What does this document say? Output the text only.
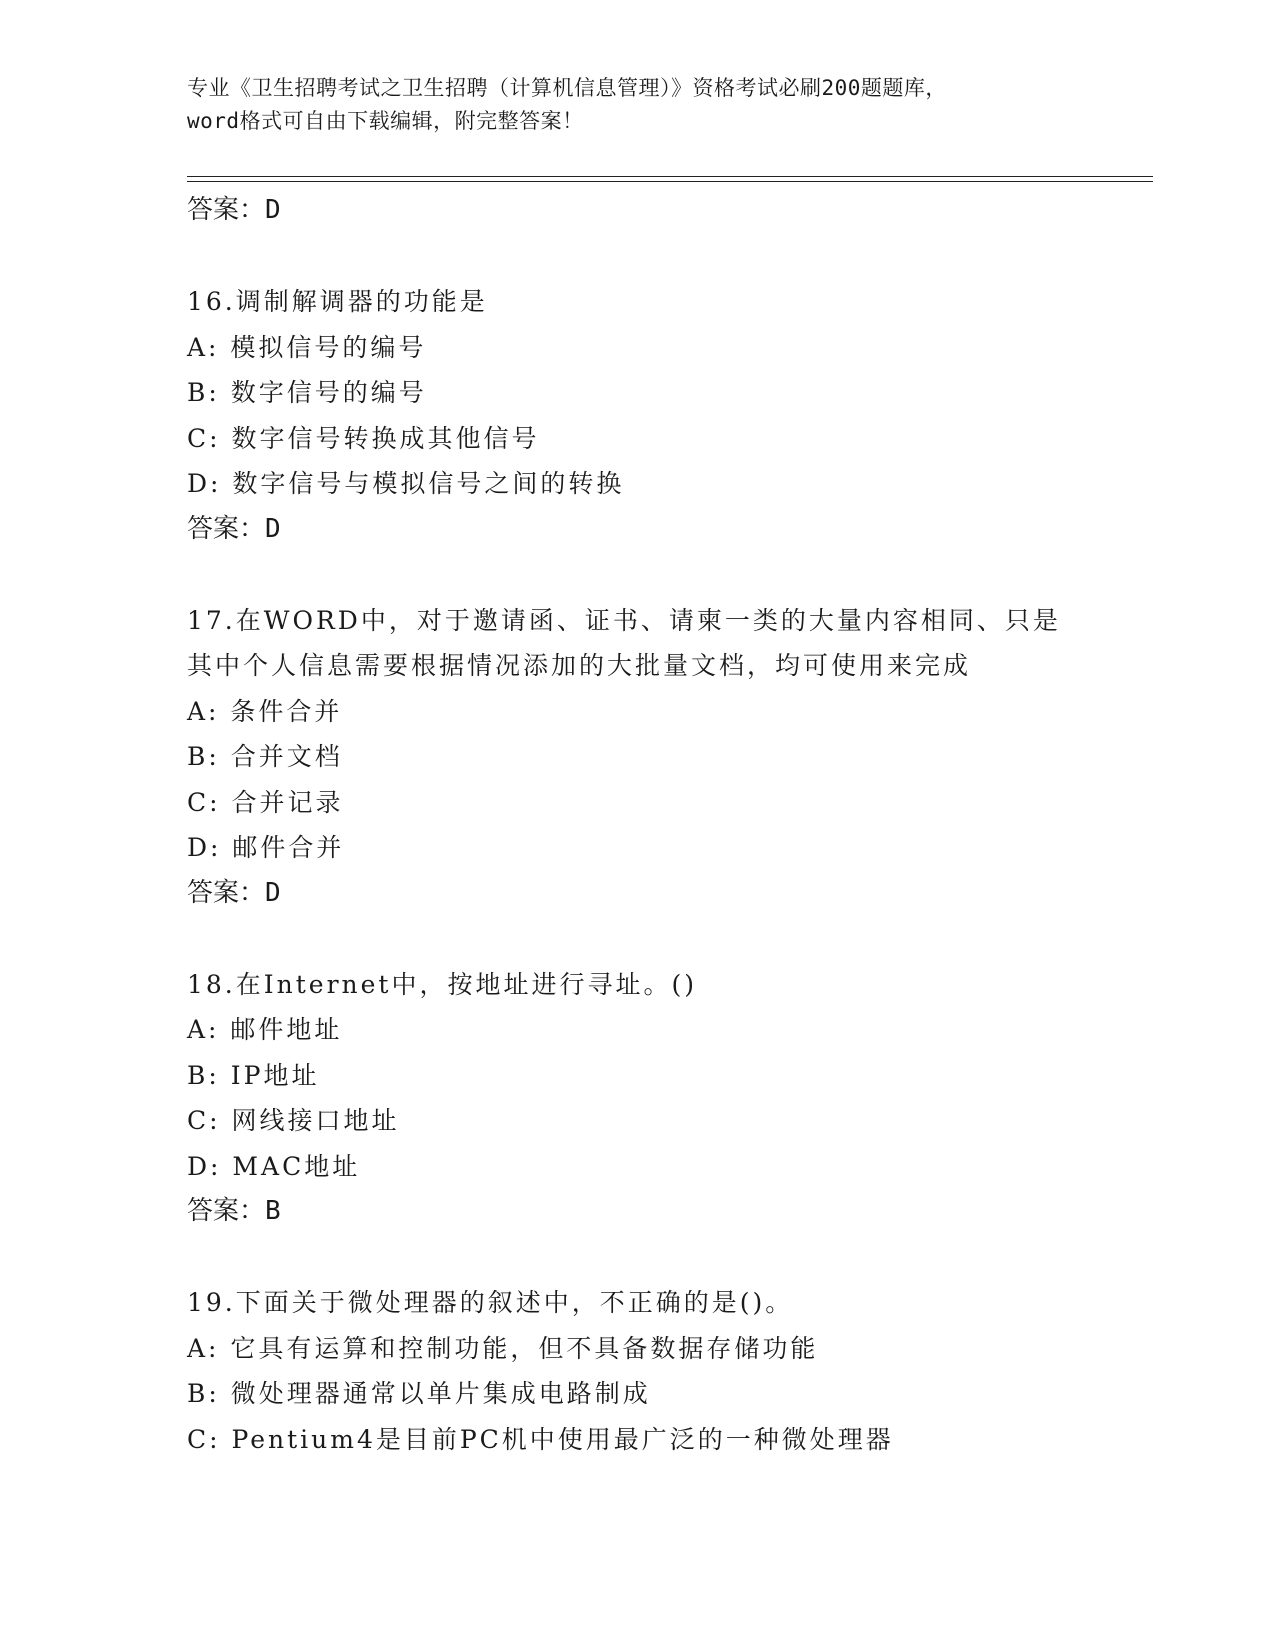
专业《卫生招聘考试之卫生招聘（计算机信息管理）》资格考试必刷200题题库，
word格式可自由下载编辑，附完整答案！
答案：D
16.调制解调器的功能是
A: 模拟信号的编号
B: 数字信号的编号
C: 数字信号转换成其他信号
D: 数字信号与模拟信号之间的转换
答案：D
17.在WORD中，对于邀请函、证书、请柬一类的大量内容相同、只是
其中个人信息需要根据情况添加的大批量文档，均可使用来完成
A: 条件合并
B: 合并文档
C: 合并记录
D: 邮件合并
答案：D
18.在Internet中，按地址进行寻址。()
A: 邮件地址
B: IP地址
C: 网线接口地址
D: MAC地址
答案：B
19.下面关于微处理器的叙述中，不正确的是()。
A: 它具有运算和控制功能，但不具备数据存储功能
B: 微处理器通常以单片集成电路制成
C: Pentium4是目前PC机中使用最广泛的一种微处理器
